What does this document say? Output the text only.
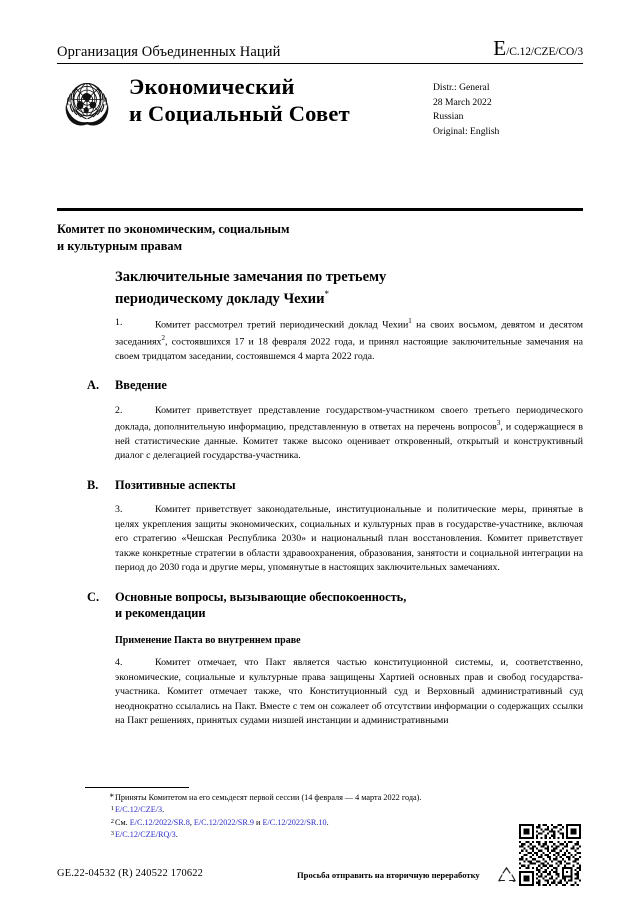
Организация Объединенных Наций	E/C.12/CZE/CO/3
Экономический
и Социальный Совет
Distr.: General
28 March 2022
Russian
Original: English
Комитет по экономическим, социальным
и культурным правам
Заключительные замечания по третьему
периодическому докладу Чехии*
1.	Комитет рассмотрел третий периодический доклад Чехии$^1$ на своих восьмом, девятом и десятом заседаниях$^2$, состоявшихся 17 и 18 февраля 2022 года, и принял настоящие заключительные замечания на своем тридцатом заседании, состоявшемся 4 марта 2022 года.
A.	Введение
2.	Комитет приветствует представление государством-участником своего третьего периодического доклада, дополнительную информацию, представленную в ответах на перечень вопросов$^3$, и содержащиеся в ней статистические данные. Комитет также высоко оценивает откровенный, открытый и конструктивный диалог с делегацией государства-участника.
B.	Позитивные аспекты
3.	Комитет приветствует законодательные, институциональные и политические меры, принятые в целях укрепления защиты экономических, социальных и культурных прав в государстве-участнике, включая его стратегию «Чешская Республика 2030» и национальный план восстановления. Комитет приветствует также конкретные стратегии в области здравоохранения, образования, занятости и социальной интеграции на период до 2030 года и другие меры, упомянутые в настоящих заключительных замечаниях.
C.	Основные вопросы, вызывающие обеспокоенность,
и рекомендации
Применение Пакта во внутреннем праве
4.	Комитет отмечает, что Пакт является частью конституционной системы, и, соответственно, экономические, социальные и культурные права защищены Хартией основных прав и свобод государства-участника. Комитет отмечает также, что Конституционный суд и Верховный административный суд неоднократно ссылались на Пакт. Вместе с тем он сожалеет об отсутствии информации о содержащих ссылки на Пакт решениях, принятых судами низшей инстанции и административными
* Приняты Комитетом на его семьдесят первой сессии (14 февраля — 4 марта 2022 года).
$^1$ E/C.12/CZE/3.
$^2$ См. E/C.12/2022/SR.8, E/C.12/2022/SR.9 и E/C.12/2022/SR.10.
$^3$ E/C.12/CZE/RQ/3.
GE.22-04532 (R) 240522 170622	Просьба отправить на вторичную переработку
